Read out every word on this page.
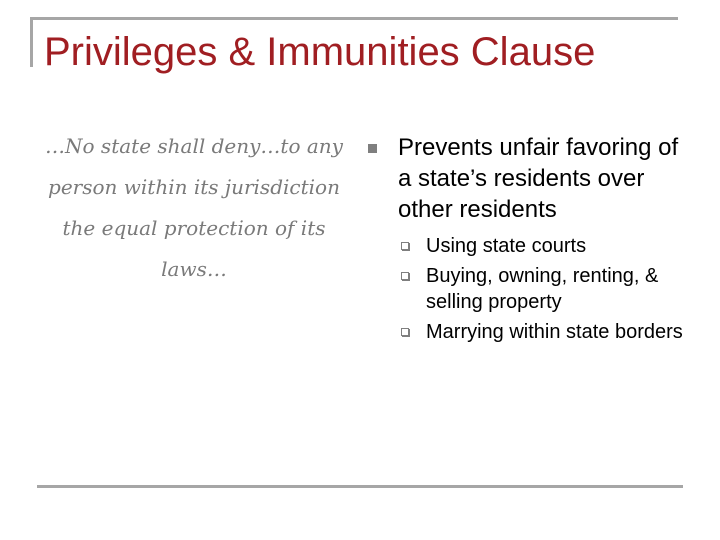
Privileges & Immunities Clause

…No state shall deny…to any person within its jurisdiction the equal protection of its laws…

Prevents unfair favoring of a state’s residents over other residents
Using state courts
Buying, owning, renting, & selling property
Marrying within state borders
